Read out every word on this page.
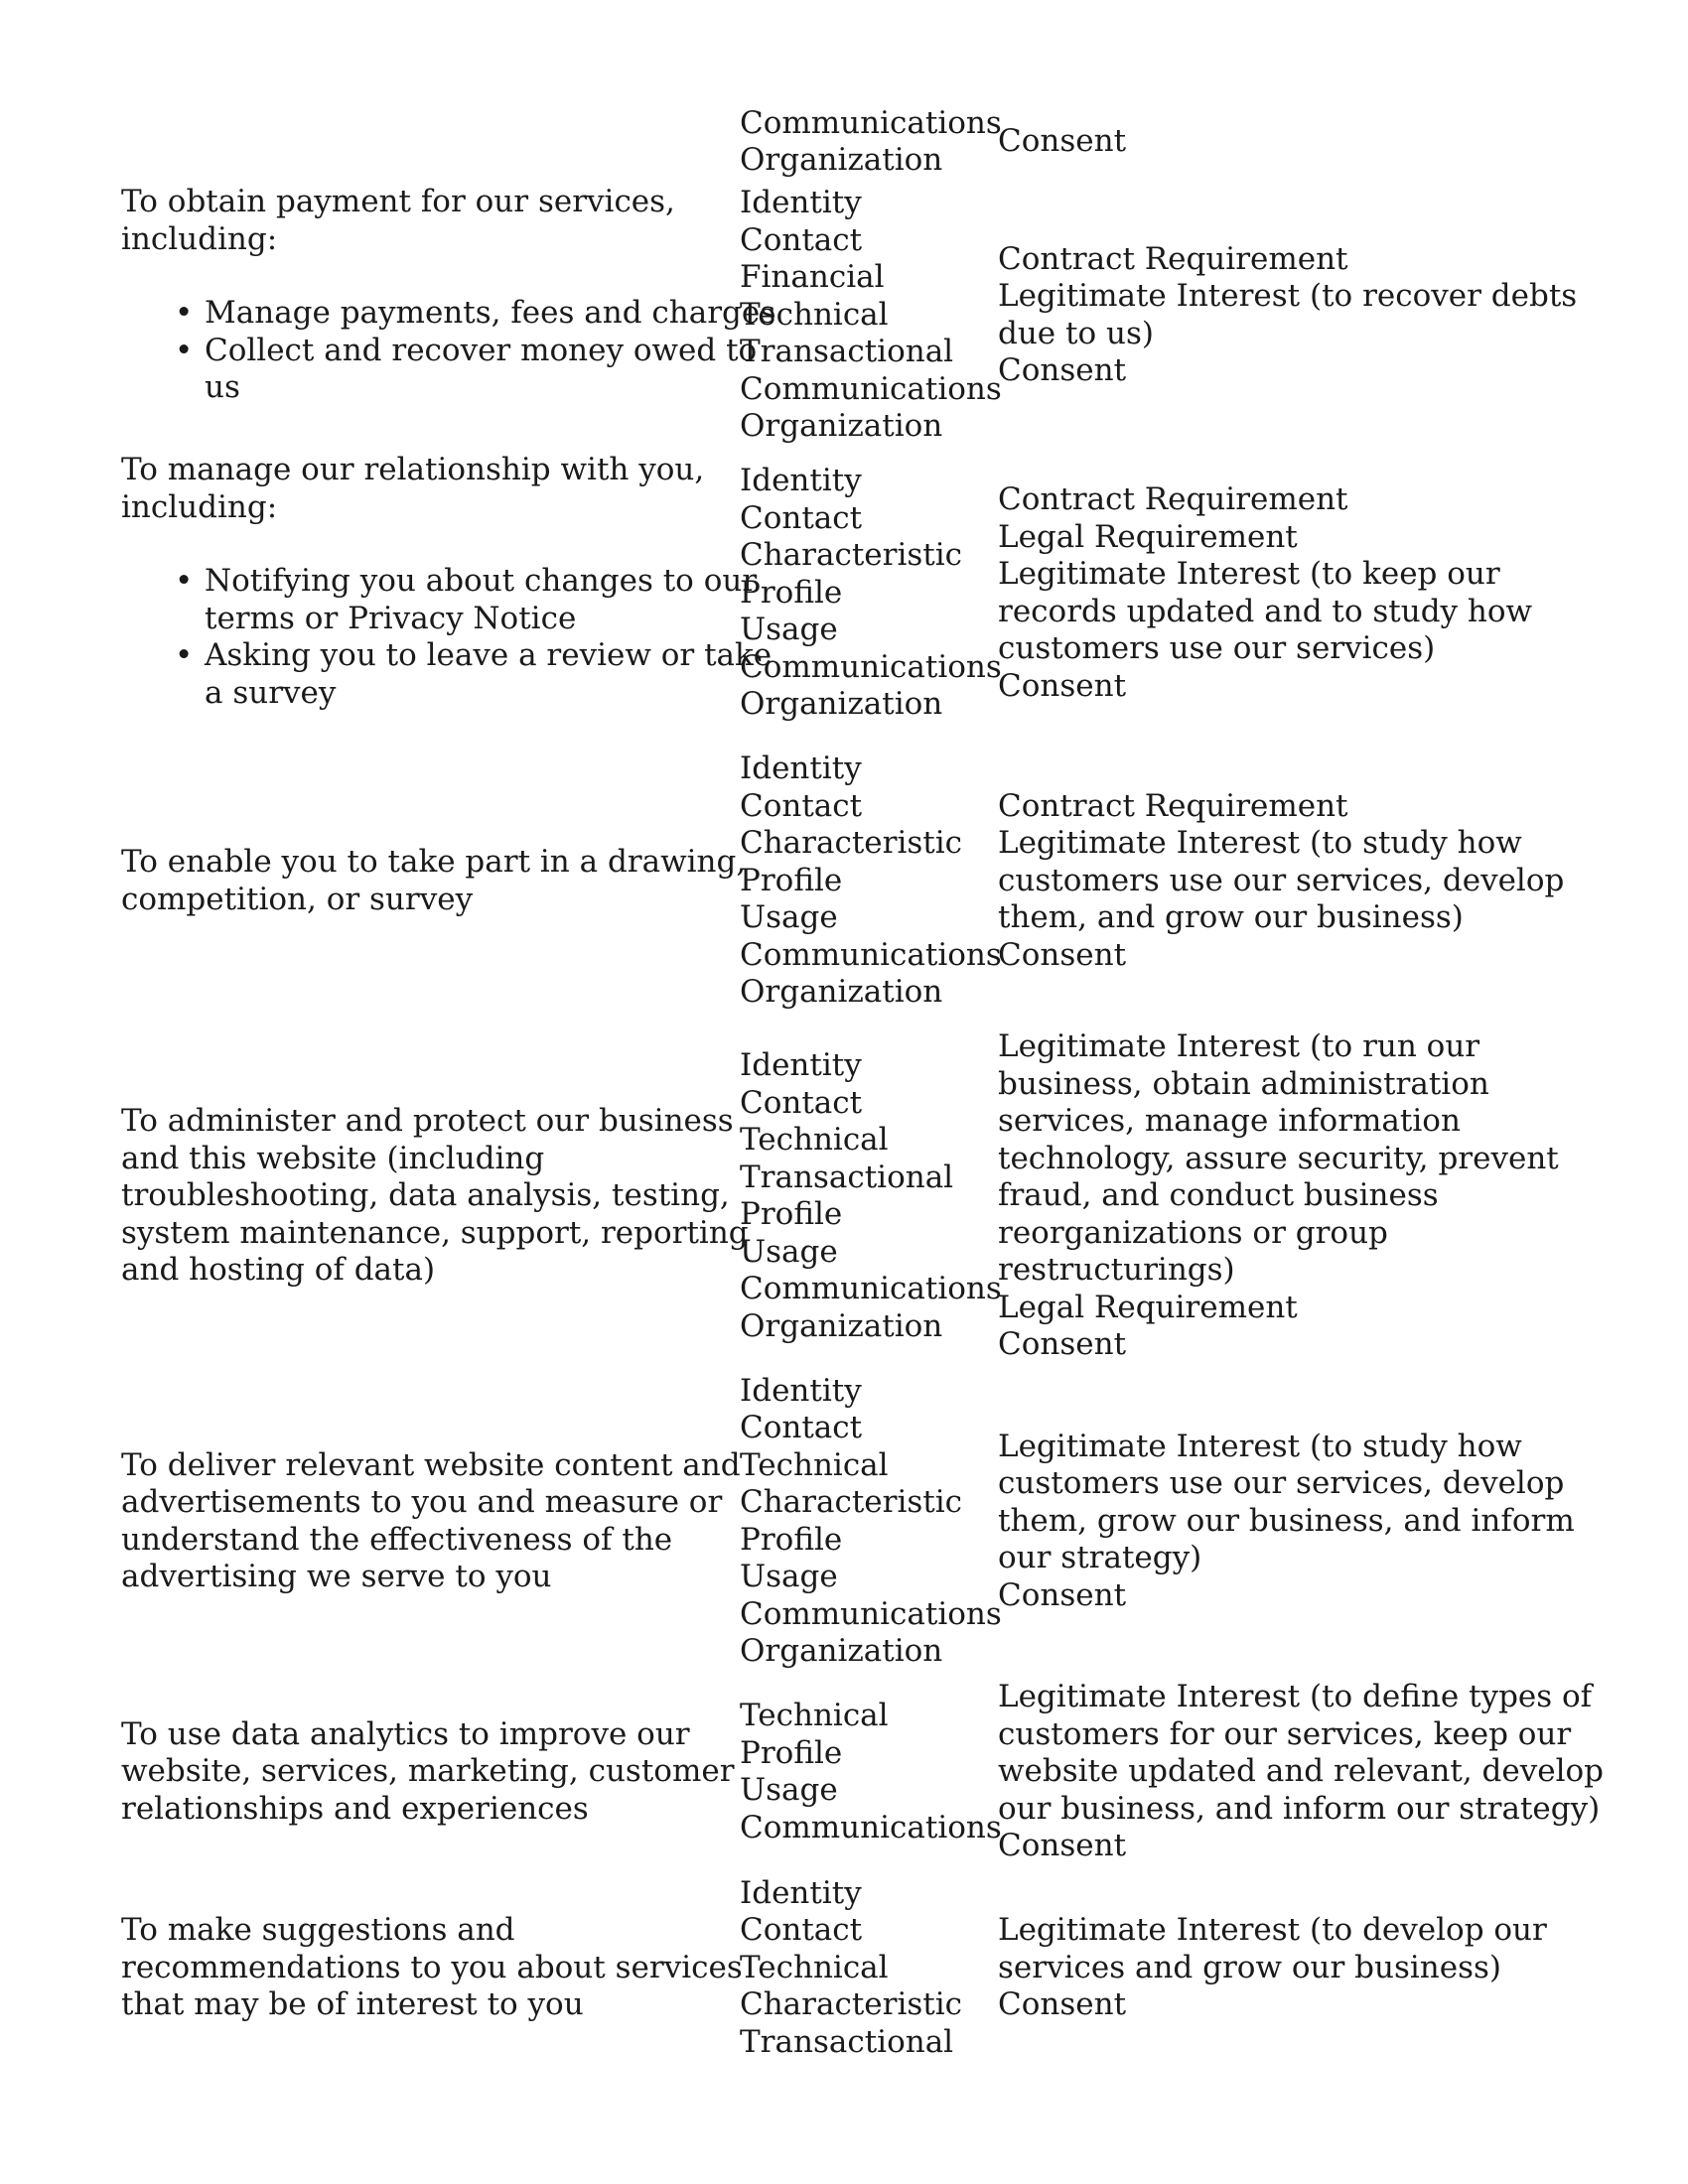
Communications
Organization
Consent
To obtain payment for our services,
including:
• Manage payments, fees and charges
• Collect and recover money owed to
us
Identity
Contact
Financial
Technical
Transactional
Communications
Organization
Contract Requirement
Legitimate Interest (to recover debts
due to us)
Consent
To manage our relationship with you,
including:
• Notifying you about changes to our
terms or Privacy Notice
• Asking you to leave a review or take
a survey
Identity
Contact
Characteristic
Profile
Usage
Communications
Organization
Contract Requirement
Legal Requirement
Legitimate Interest (to keep our
records updated and to study how
customers use our services)
Consent
To enable you to take part in a drawing,
competition, or survey
Identity
Contact
Characteristic
Profile
Usage
Communications
Organization
Contract Requirement
Legitimate Interest (to study how
customers use our services, develop
them, and grow our business)
Consent
To administer and protect our business
and this website (including
troubleshooting, data analysis, testing,
system maintenance, support, reporting
and hosting of data)
Identity
Contact
Technical
Transactional
Profile
Usage
Communications
Organization
Legitimate Interest (to run our
business, obtain administration
services, manage information
technology, assure security, prevent
fraud, and conduct business
reorganizations or group
restructurings)
Legal Requirement
Consent
To deliver relevant website content and
advertisements to you and measure or
understand the effectiveness of the
advertising we serve to you
Identity
Contact
Technical
Characteristic
Profile
Usage
Communications
Organization
Legitimate Interest (to study how
customers use our services, develop
them, grow our business, and inform
our strategy)
Consent
To use data analytics to improve our
website, services, marketing, customer
relationships and experiences
Technical
Profile
Usage
Communications
Legitimate Interest (to define types of
customers for our services, keep our
website updated and relevant, develop
our business, and inform our strategy)
Consent
To make suggestions and
recommendations to you about services
that may be of interest to you
Identity
Contact
Technical
Characteristic
Transactional
Legitimate Interest (to develop our
services and grow our business)
Consent
